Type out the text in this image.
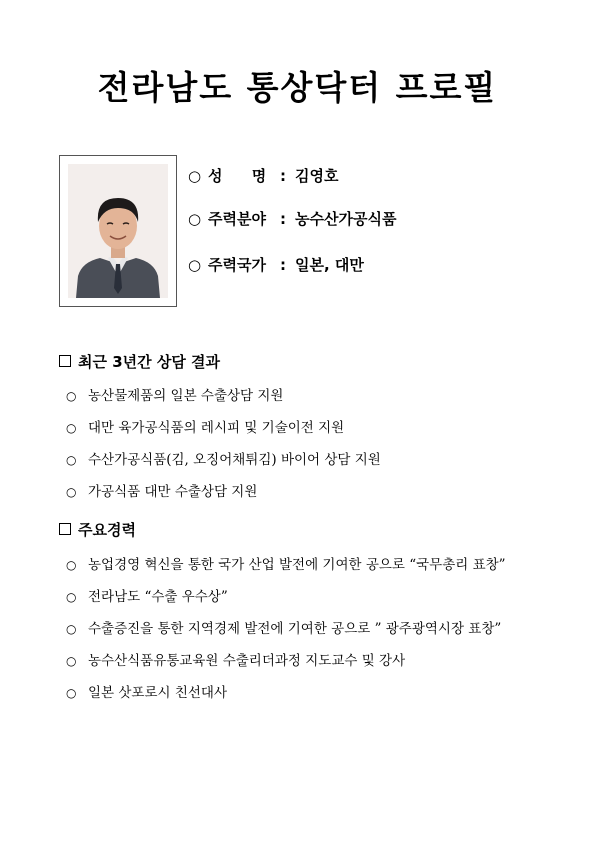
전라남도 통상닥터 프로필
○ 성 명 : 김영호
○ 주력분야 : 농수산가공식품
○ 주력국가 : 일본, 대만
최근 3년간 상담 결과
○ 농산물제품의 일본 수출상담 지원
○ 대만 육가공식품의 레시피 및 기술이전 지원
○ 수산가공식품(김, 오징어채튀김) 바이어 상담 지원
○ 가공식품 대만 수출상담 지원
주요경력
○ 농업경영 혁신을 통한 국가 산업 발전에 기여한 공으로 “국무총리 표창”
○ 전라남도 “수출 우수상”
○ 수출증진을 통한 지역경제 발전에 기여한 공으로 ” 광주광역시장 표창”
○ 농수산식품유통교육원 수출리더과정 지도교수 및 강사
○ 일본 삿포로시 친선대사
